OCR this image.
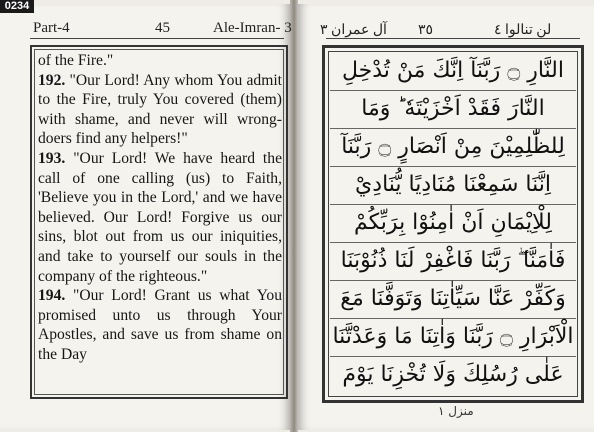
0234
Part-4	45	Ale-Imran- 3

of the Fire."

192. "Our Lord! Any whom You admit to the Fire, truly You covered (them) with shame, and never will wrong-doers find any helpers!"

193. "Our Lord! We have heard the call of one calling (us) to Faith, 'Believe you in the Lord,' and we have believed. Our Lord! Forgive us our sins, blot out from us our iniquities, and take to yourself our souls in the company of the righteous."

194. "Our Lord! Grant us what You promised unto us through Your Apostles, and save us from shame on the Day

لن تنالوا ٤
٣٥
آل عمران ٣
النَّارِ ۝ رَبَّنَآ اِنَّكَ مَنْ تُدْخِلِ
النَّارَ فَقَدْ اَخْزَيْتَهٗ ؕ وَمَا
لِلظّٰلِمِيْنَ مِنْ اَنْصَارٍ ۝ رَبَّنَآ
اِنَّنَا سَمِعْنَا مُنَادِيًا يُّنَادِيْ
لِلْاِيْمَانِ اَنْ اٰمِنُوْا بِرَبِّكُمْ
فَاٰمَنَّا ۖ رَبَّنَا فَاغْفِرْ لَنَا ذُنُوْبَنَا
وَكَفِّرْ عَنَّا سَيِّاٰتِنَا وَتَوَفَّنَا مَعَ
الْاَبْرَارِ ۝ رَبَّنَا وَاٰتِنَا مَا وَعَدْتَّنَا
عَلٰى رُسُلِكَ وَلَا تُخْزِنَا يَوْمَ
منزل ١
